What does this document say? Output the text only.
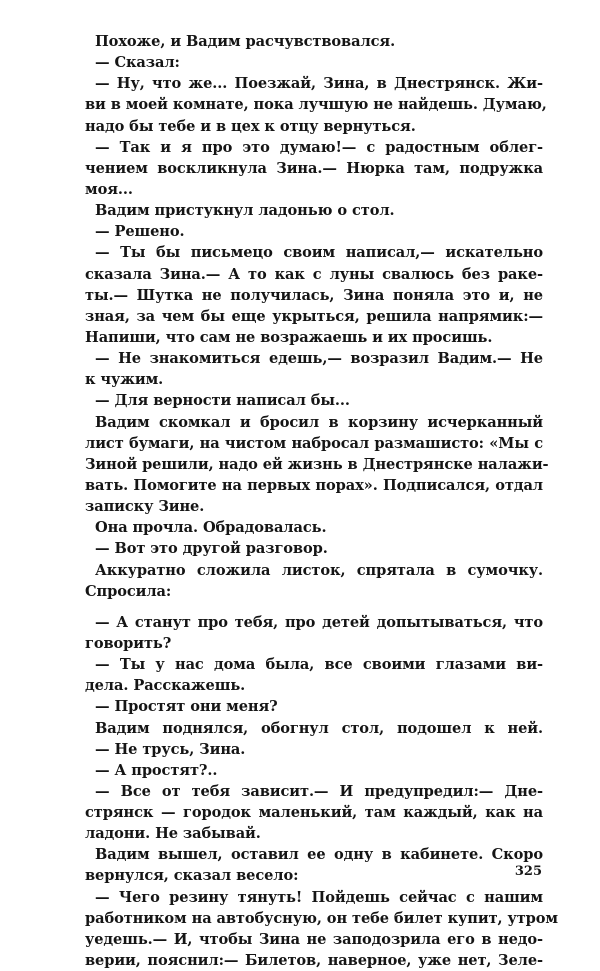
Похоже, и Вадим расчувствовался.
— Сказал:
— Ну, что же... Поезжай, Зина, в Днестрянск. Жи-
ви в моей комнате, пока лучшую не найдешь. Думаю,
надо бы тебе и в цех к отцу вернуться.
— Так и я про это думаю!— с радостным облег-
чением воскликнула Зина.— Нюрка там, подружка
моя...
Вадим пристукнул ладонью о стол.
— Решено.
— Ты бы письмецо своим написал,— искательно
сказала Зина.— А то как с луны свалюсь без раке-
ты.— Шутка не получилась, Зина поняла это и, не
зная, за чем бы еще укрыться, решила напрямик:—
Напиши, что сам не возражаешь и их просишь.
— Не знакомиться едешь,— возразил Вадим.— Не
к чужим.
— Для верности написал бы...
Вадим скомкал и бросил в корзину исчерканный
лист бумаги, на чистом набросал размашисто: «Мы с
Зиной решили, надо ей жизнь в Днестрянске налажи-
вать. Помогите на первых порах». Подписался, отдал
записку Зине.
Она прочла. Обрадовалась.
— Вот это другой разговор.
Аккуратно сложила листок, спрятала в сумочку.
Спросила:
— А станут про тебя, про детей допытываться, что
говорить?
— Ты у нас дома была, все своими глазами ви-
дела. Расскажешь.
— Простят они меня?
Вадим поднялся, обогнул стол, подошел к ней.
— Не трусь, Зина.
— А простят?..
— Все от тебя зависит.— И предупредил:— Дне-
стрянск — городок маленький, там каждый, как на
ладони. Не забывай.
Вадим вышел, оставил ее одну в кабинете. Скоро
вернулся, сказал весело:
— Чего резину тянуть! Пойдешь сейчас с нашим
работником на автобусную, он тебе билет купит, утром
уедешь.— И, чтобы Зина не заподозрила его в недо-
верии, пояснил:— Билетов, наверное, уже нет, Зеле-
325
